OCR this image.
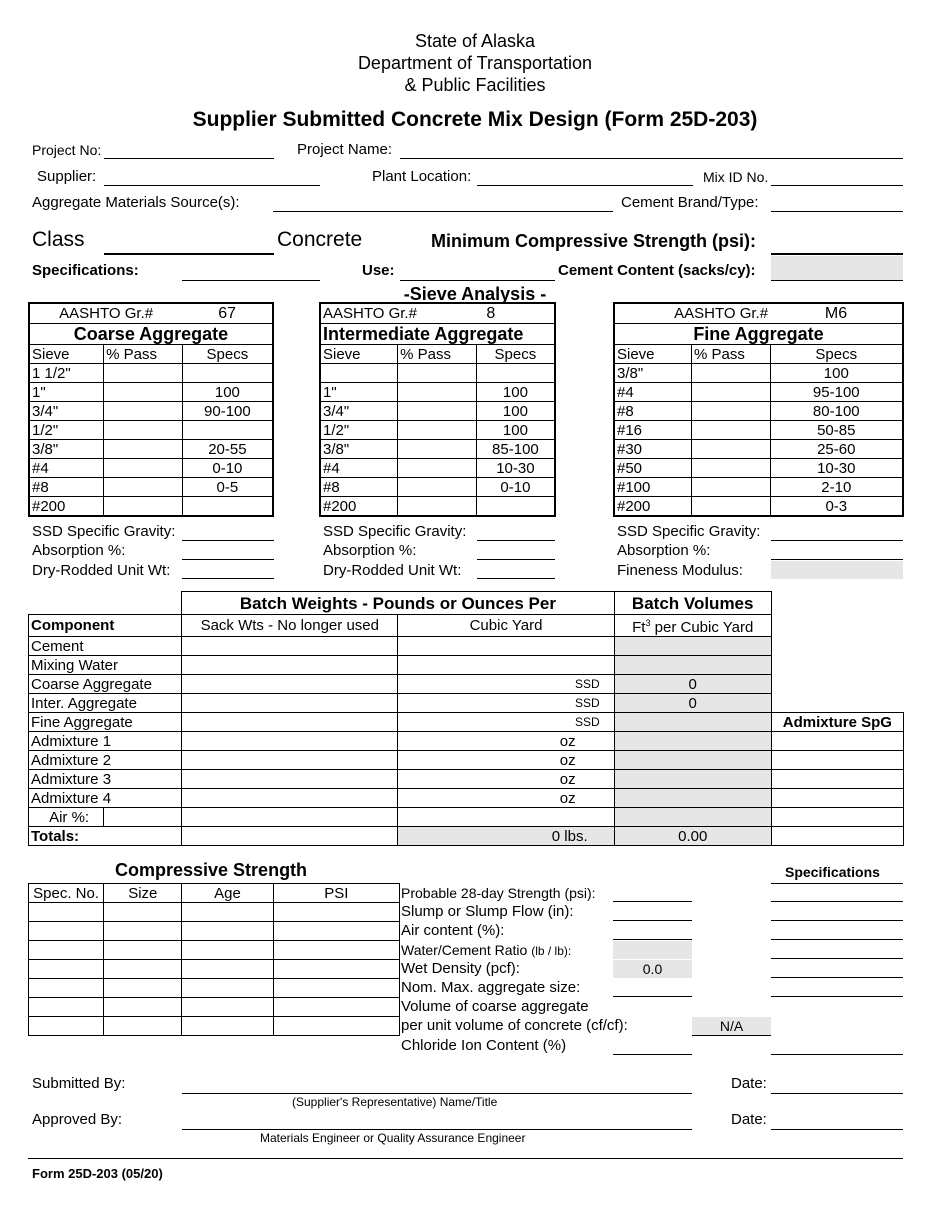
State of Alaska
Department of Transportation
& Public Facilities
Supplier Submitted Concrete Mix Design (Form 25D-203)
Project No:	Project Name:
Supplier:	Plant Location:	Mix ID No.
Aggregate Materials Source(s):	Cement Brand/Type:
Class	Concrete	Minimum Compressive Strength (psi):
Specifications:	Use:	Cement Content (sacks/cy):
-Sieve Analysis -
AASHTO Gr.#		67
Coarse Aggregate		
Sieve	% Pass	Specs
1 1/2"		
1"		100
3/4"		90-100
1/2"		
3/8"		20-55
#4		0-10
#8		0-5
#200		
AASHTO Gr.#		8
Intermediate Aggregate		
Sieve	% Pass	Specs

1"		100
3/4"		100
1/2"		100
3/8"		85-100
#4		10-30
#8		0-10
#200		
AASHTO Gr.#		M6
Fine Aggregate		
Sieve	% Pass	Specs
3/8"		100
#4		95-100
#8		80-100
#16		50-85
#30		25-60
#50		10-30
#100		2-10
#200		0-3
SSD Specific Gravity:
Absorption %:
Dry-Rodded Unit Wt:
SSD Specific Gravity:
Absorption %:
Dry-Rodded Unit Wt:
SSD Specific Gravity:
Absorption %:
Fineness Modulus:
		Batch Weights - Pounds or Ounces Per		Batch Volumes	
Component		Sack Wts - No longer used	Cubic Yard	Ft$^3$ per Cubic Yard	
Cement					
Mixing Water					
Coarse Aggregate			SSD	0	
Inter. Aggregate			SSD	0	
Fine Aggregate			SSD		Admixture SpG
Admixture 1			oz		
Admixture 2			oz		
Admixture 3			oz		
Admixture 4			oz		
Air %:					
Totals:			0 lbs.	0.00	
Compressive Strength
Spec. No.	Size	Age	PSI

Specifications
Probable 28-day Strength (psi):
Slump or Slump Flow (in):
Air content (%):
Water/Cement Ratio (lb / lb):
Wet Density (pcf):	0.0
Nom. Max. aggregate size:
Volume of coarse aggregate
per unit volume of concrete (cf/cf):	N/A
Chloride Ion Content (%)
Submitted By:
(Supplier's Representative) Name/Title
Date:
Approved By:
Materials Engineer or Quality Assurance Engineer
Date:
Form 25D-203 (05/20)
